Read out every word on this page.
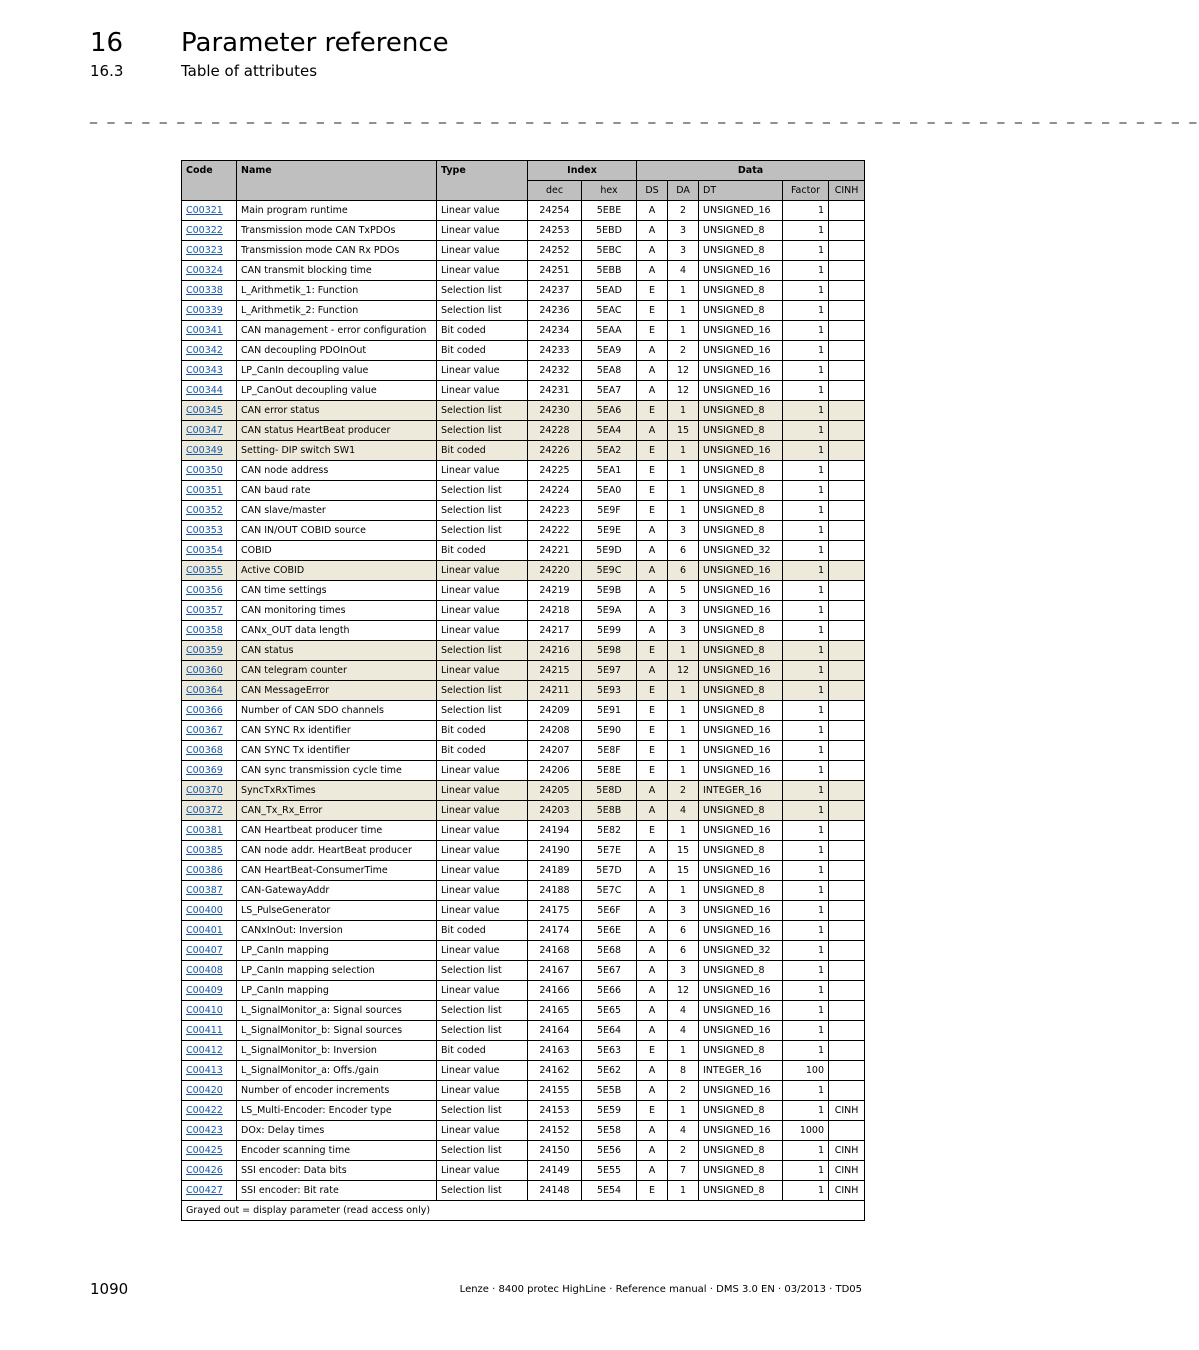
16 Parameter reference
16.3	Table of attributes
_ _ _ _ _ _ _ _ _ _ _ _ _ _ _ _ _ _ _ _ _ _ _ _ _ _ _ _ _ _ _ _ _ _ _ _ _ _ _ _ _ _ _ _ _ _ _ _ _ _ _ _ _ _ _ _ _ _ _ _ _ _ _ _
Code	Name	Type	Index		Data				
			dec	hex	DS	DA	DT	Factor	CINH
C00321	Main program runtime	Linear value	24254	5EBE	A	2	UNSIGNED_16	1	
C00322	Transmission mode CAN TxPDOs	Linear value	24253	5EBD	A	3	UNSIGNED_8	1	
C00323	Transmission mode CAN Rx PDOs	Linear value	24252	5EBC	A	3	UNSIGNED_8	1	
C00324	CAN transmit blocking time	Linear value	24251	5EBB	A	4	UNSIGNED_16	1	
C00338	L_Arithmetik_1: Function	Selection list	24237	5EAD	E	1	UNSIGNED_8	1	
C00339	L_Arithmetik_2: Function	Selection list	24236	5EAC	E	1	UNSIGNED_8	1	
C00341	CAN management - error configuration	Bit coded	24234	5EAA	E	1	UNSIGNED_16	1	
C00342	CAN decoupling PDOInOut	Bit coded	24233	5EA9	A	2	UNSIGNED_16	1	
C00343	LP_CanIn decoupling value	Linear value	24232	5EA8	A	12	UNSIGNED_16	1	
C00344	LP_CanOut decoupling value	Linear value	24231	5EA7	A	12	UNSIGNED_16	1	
C00345	CAN error status	Selection list	24230	5EA6	E	1	UNSIGNED_8	1	
C00347	CAN status HeartBeat producer	Selection list	24228	5EA4	A	15	UNSIGNED_8	1	
C00349	Setting- DIP switch SW1	Bit coded	24226	5EA2	E	1	UNSIGNED_16	1	
C00350	CAN node address	Linear value	24225	5EA1	E	1	UNSIGNED_8	1	
C00351	CAN baud rate	Selection list	24224	5EA0	E	1	UNSIGNED_8	1	
C00352	CAN slave/master	Selection list	24223	5E9F	E	1	UNSIGNED_8	1	
C00353	CAN IN/OUT COBID source	Selection list	24222	5E9E	A	3	UNSIGNED_8	1	
C00354	COBID	Bit coded	24221	5E9D	A	6	UNSIGNED_32	1	
C00355	Active COBID	Linear value	24220	5E9C	A	6	UNSIGNED_16	1	
C00356	CAN time settings	Linear value	24219	5E9B	A	5	UNSIGNED_16	1	
C00357	CAN monitoring times	Linear value	24218	5E9A	A	3	UNSIGNED_16	1	
C00358	CANx_OUT data length	Linear value	24217	5E99	A	3	UNSIGNED_8	1	
C00359	CAN status	Selection list	24216	5E98	E	1	UNSIGNED_8	1	
C00360	CAN telegram counter	Linear value	24215	5E97	A	12	UNSIGNED_16	1	
C00364	CAN MessageError	Selection list	24211	5E93	E	1	UNSIGNED_8	1	
C00366	Number of CAN SDO channels	Selection list	24209	5E91	E	1	UNSIGNED_8	1	
C00367	CAN SYNC Rx identifier	Bit coded	24208	5E90	E	1	UNSIGNED_16	1	
C00368	CAN SYNC Tx identifier	Bit coded	24207	5E8F	E	1	UNSIGNED_16	1	
C00369	CAN sync transmission cycle time	Linear value	24206	5E8E	E	1	UNSIGNED_16	1	
C00370	SyncTxRxTimes	Linear value	24205	5E8D	A	2	INTEGER_16	1	
C00372	CAN_Tx_Rx_Error	Linear value	24203	5E8B	A	4	UNSIGNED_8	1	
C00381	CAN Heartbeat producer time	Linear value	24194	5E82	E	1	UNSIGNED_16	1	
C00385	CAN node addr. HeartBeat producer	Linear value	24190	5E7E	A	15	UNSIGNED_8	1	
C00386	CAN HeartBeat-ConsumerTime	Linear value	24189	5E7D	A	15	UNSIGNED_16	1	
C00387	CAN-GatewayAddr	Linear value	24188	5E7C	A	1	UNSIGNED_8	1	
C00400	LS_PulseGenerator	Linear value	24175	5E6F	A	3	UNSIGNED_16	1	
C00401	CANxInOut: Inversion	Bit coded	24174	5E6E	A	6	UNSIGNED_16	1	
C00407	LP_CanIn mapping	Linear value	24168	5E68	A	6	UNSIGNED_32	1	
C00408	LP_CanIn mapping selection	Selection list	24167	5E67	A	3	UNSIGNED_8	1	
C00409	LP_CanIn mapping	Linear value	24166	5E66	A	12	UNSIGNED_16	1	
C00410	L_SignalMonitor_a: Signal sources	Selection list	24165	5E65	A	4	UNSIGNED_16	1	
C00411	L_SignalMonitor_b: Signal sources	Selection list	24164	5E64	A	4	UNSIGNED_16	1	
C00412	L_SignalMonitor_b: Inversion	Bit coded	24163	5E63	E	1	UNSIGNED_8	1	
C00413	L_SignalMonitor_a: Offs./gain	Linear value	24162	5E62	A	8	INTEGER_16	100	
C00420	Number of encoder increments	Linear value	24155	5E5B	A	2	UNSIGNED_16	1	
C00422	LS_Multi-Encoder: Encoder type	Selection list	24153	5E59	E	1	UNSIGNED_8	1	CINH
C00423	DOx: Delay times	Linear value	24152	5E58	A	4	UNSIGNED_16	1000	
C00425	Encoder scanning time	Selection list	24150	5E56	A	2	UNSIGNED_8	1	CINH
C00426	SSI encoder: Data bits	Linear value	24149	5E55	A	7	UNSIGNED_8	1	CINH
C00427	SSI encoder: Bit rate	Selection list	24148	5E54	E	1	UNSIGNED_8	1	CINH
Grayed out = display parameter (read access only)									
1090	Lenze · 8400 protec HighLine · Reference manual · DMS 3.0 EN · 03/2013 · TD05
